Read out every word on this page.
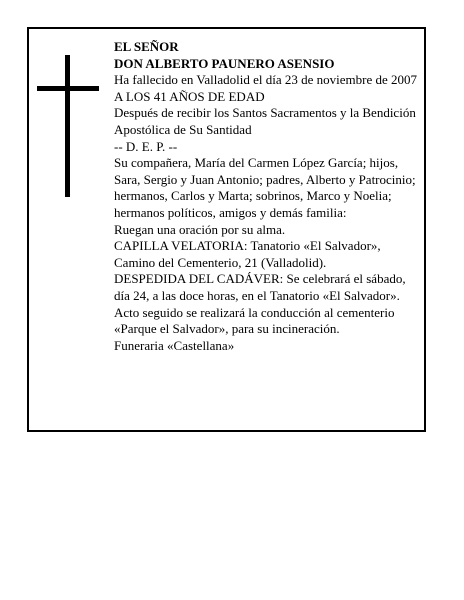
EL SEÑOR

DON ALBERTO PAUNERO ASENSIO

Ha fallecido en Valladolid el día 23 de noviembre de 2007

A LOS 41 AÑOS DE EDAD

Después de recibir los Santos Sacramentos y la Bendición Apostólica de Su Santidad

-- D. E. P. --

Su compañera, María del Carmen López García; hijos, Sara, Sergio y Juan Antonio; padres, Alberto y Patrocinio; hermanos, Carlos y Marta; sobrinos, Marco y Noelia; hermanos políticos, amigos y demás familia:

Ruegan una oración por su alma.

CAPILLA VELATORIA: Tanatorio «El Salvador», Camino del Cementerio, 21 (Valladolid).

DESPEDIDA DEL CADÁVER: Se celebrará el sábado, día 24, a las doce horas, en el Tanatorio «El Salvador». Acto seguido se realizará la conducción al cementerio «Parque el Salvador», para su incineración.

Funeraria «Castellana»
